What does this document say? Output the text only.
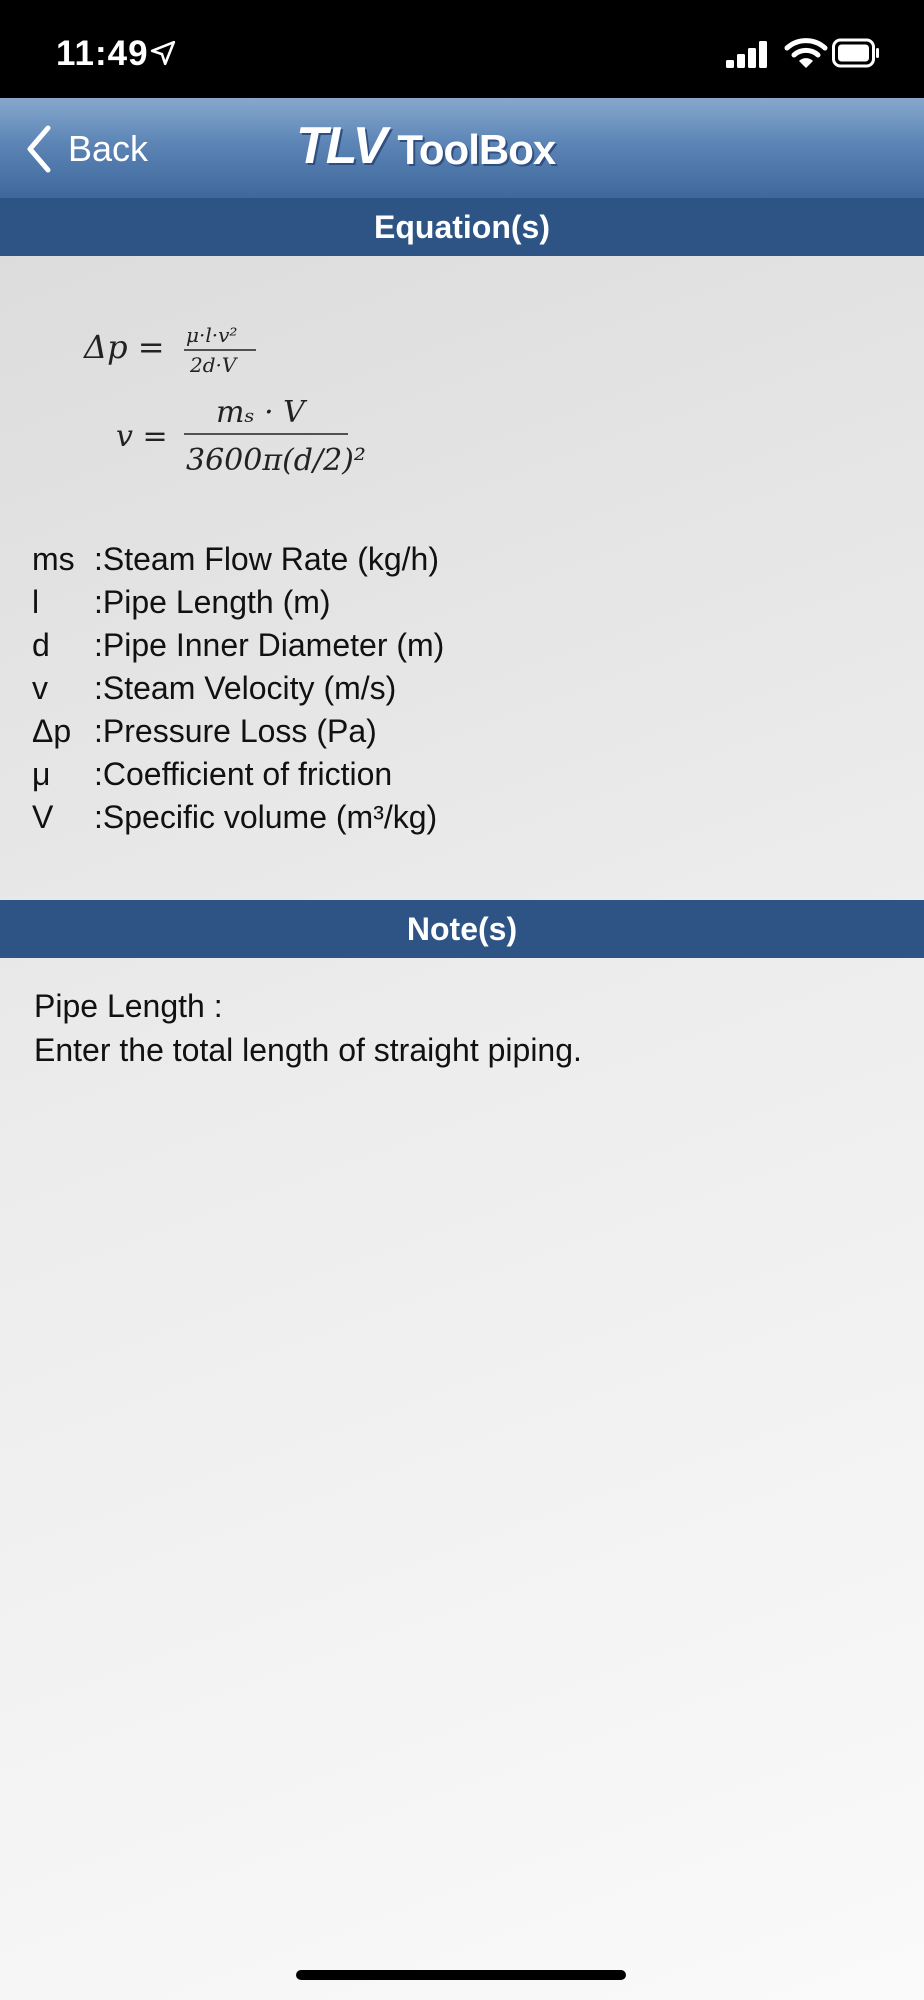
11:49
Back	TLV ToolBox
Equation(s)
Δp = μ·l·v²
2d·V
v =
mₛ · V
3600π(d/2)²
ms :Steam Flow Rate (kg/h)
l	:Pipe Length (m)
d	:Pipe Inner Diameter (m)
v	:Steam Velocity (m/s)
Δp :Pressure Loss (Pa)
μ	:Coefficient of friction
V	:Specific volume (m³/kg)
Note(s)
Pipe Length :
Enter the total length of straight piping.
